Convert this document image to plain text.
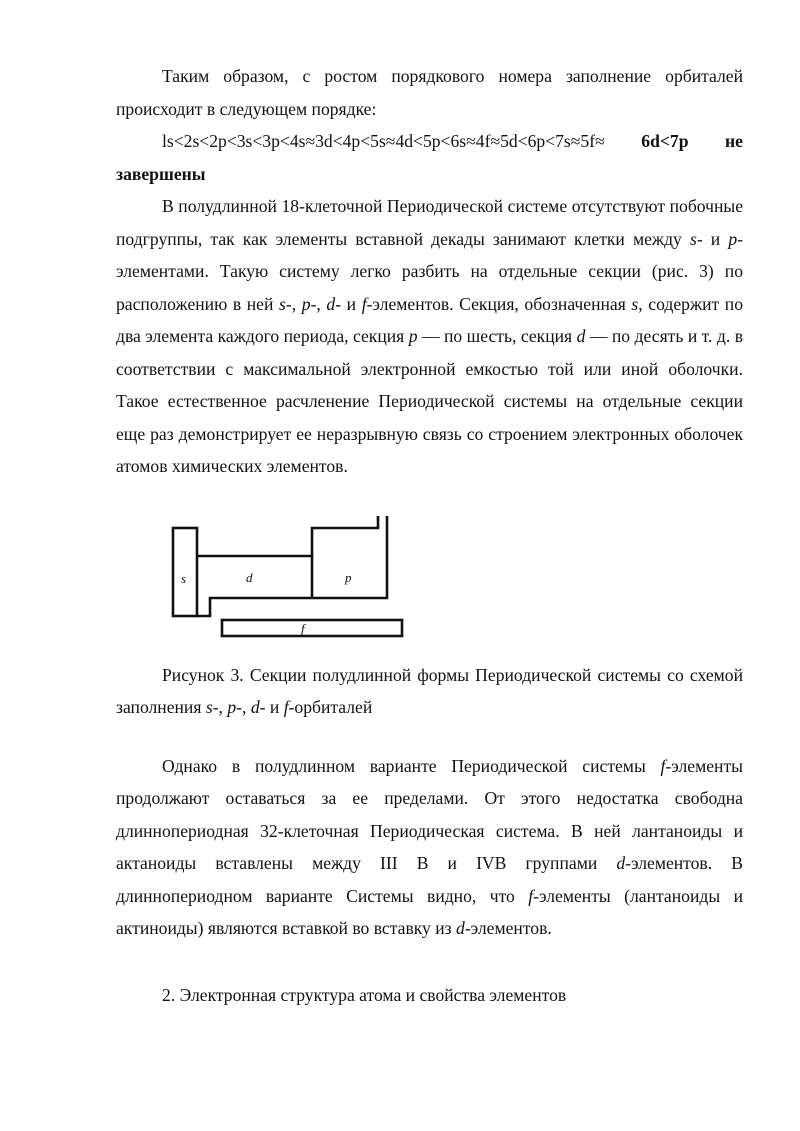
Таким образом, с ростом порядкового номера заполнение орбиталей происходит в следующем порядке:

ls<2s<2p<3s<3p<4s≈3d<4p<5s≈4d<5p<6s≈4f≈5d<6p<7s≈5f≈ 6d<7p не завершены

В полудлинной 18-клеточной Периодической системе отсутствуют побочные подгруппы, так как элементы вставной декады занимают клетки между s- и p-элементами. Такую систему легко разбить на отдельные секции (рис. 3) по расположению в ней s-, p-, d- и f-элементов. Секция, обозначенная s, содержит по два элемента каждого периода, секция p — по шесть, секция d — по десять и т. д. в соответствии с максимальной электронной емкостью той или иной оболочки. Такое естественное расчленение Периодической системы на отдельные секции еще раз демонстрирует ее неразрывную связь со строением электронных оболочек атомов химических элементов.

s	d	p
f

Рисунок 3. Секции полудлинной формы Периодической системы со схемой заполнения s-, p-, d- и f-орбиталей

Однако в полудлинном варианте Периодической системы f-элементы продолжают оставаться за ее пределами. От этого недостатка свободна длиннопериодная 32-клеточная Периодическая система. В ней лантаноиды и актаноиды вставлены между III B и IVB группами d-элементов. В длиннопериодном варианте Системы видно, что f-элементы (лантаноиды и актиноиды) являются вставкой во вставку из d-элементов.

2. Электронная структура атома и свойства элементов
